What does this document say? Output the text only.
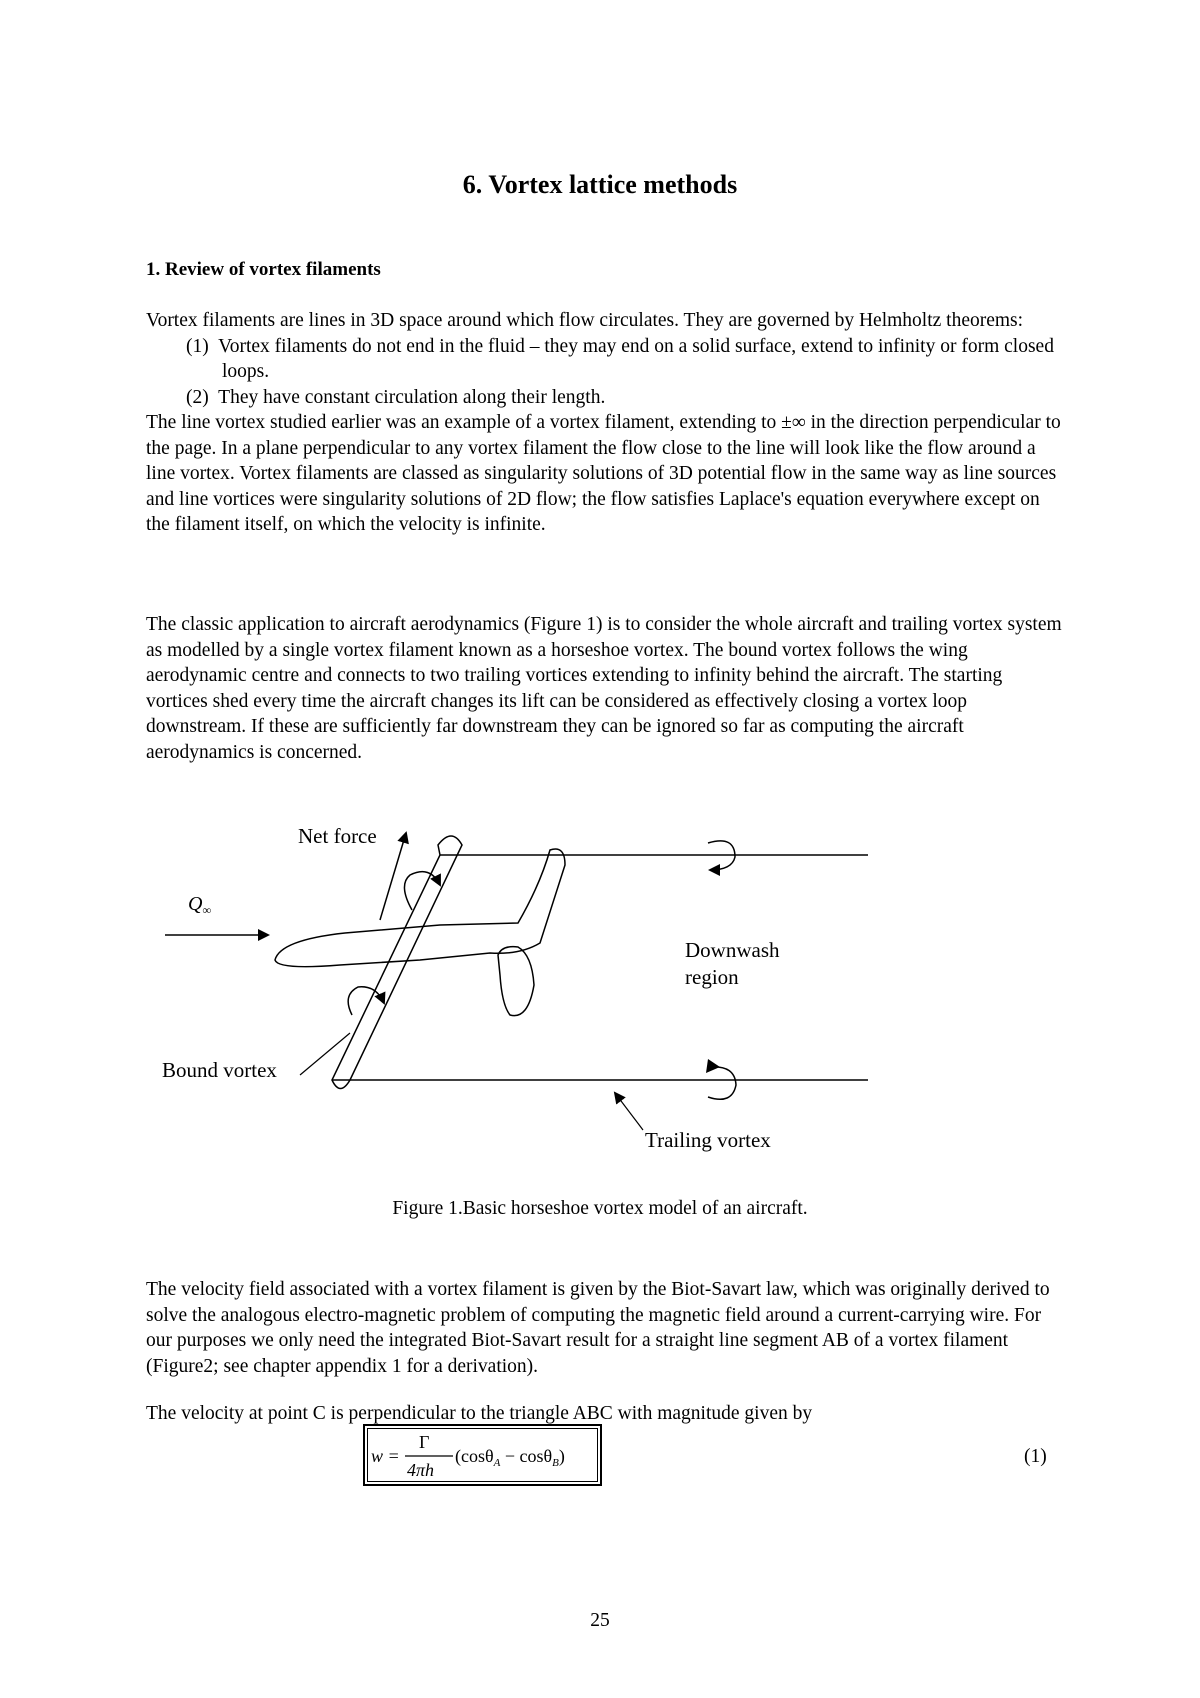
6. Vortex lattice methods
1. Review of vortex filaments

Vortex filaments are lines in 3D space around which flow circulates. They are governed by Helmholtz theorems:

(1) Vortex filaments do not end in the fluid – they may end on a solid surface, extend to infinity or form closed loops.

(2) They have constant circulation along their length.

The line vortex studied earlier was an example of a vortex filament, extending to ±∞ in the direction perpendicular to the page. In a plane perpendicular to any vortex filament the flow close to the line will look like the flow around a line vortex. Vortex filaments are classed as singularity solutions of 3D potential flow in the same way as line sources and line vortices were singularity solutions of 2D flow; the flow satisfies Laplace's equation everywhere except on the filament itself, on which the velocity is infinite.

The classic application to aircraft aerodynamics (Figure 1) is to consider the whole aircraft and trailing vortex system as modelled by a single vortex filament known as a horseshoe vortex. The bound vortex follows the wing aerodynamic centre and connects to two trailing vortices extending to infinity behind the aircraft. The starting vortices shed every time the aircraft changes its lift can be considered as effectively closing a vortex loop downstream. If these are sufficiently far downstream they can be ignored so far as computing the aircraft aerodynamics is concerned.
Net force
$Q_\infty$
Downwash
region
Bound vortex
Trailing vortex
Figure 1.Basic horseshoe vortex model of an aircraft.
The velocity field associated with a vortex filament is given by the Biot-Savart law, which was originally derived to solve the analogous electro-magnetic problem of computing the magnetic field around a current-carrying wire. For our purposes we only need the integrated Biot-Savart result for a straight line segment AB of a vortex filament (Figure2; see chapter appendix 1 for a derivation).
The velocity at point C is perpendicular to the triangle ABC with magnitude given by
w =
Γ
4πh
(cosθ$_A$ − cosθ$_B$)	(1)
25
